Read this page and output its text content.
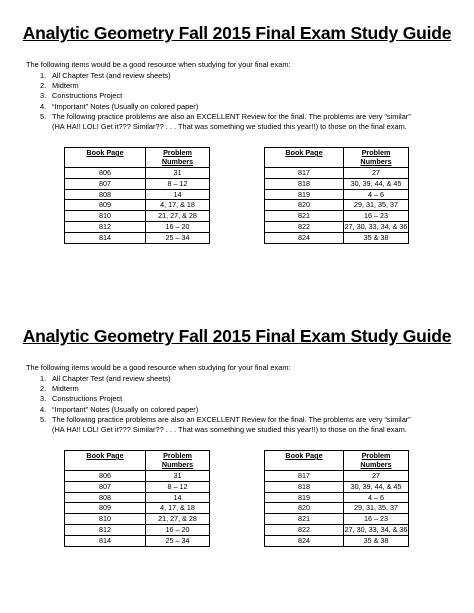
Analytic Geometry Fall 2015 Final Exam Study Guide

The following items would be a good resource when studying for your final exam:

1. All Chapter Test (and review sheets)
2. Midterm
3. Constructions Project
4. “Important” Notes (Usually on colored paper)
5. The following practice problems are also an EXCELLENT Review for the final. The problems are very “similar”
(HA HA!! LOL! Get it??? Similar?? . . . That was something we studied this year!!) to those on the final exam.
Book Page	Problem
Numbers
806	31
807	8 – 12
808	14
809	4, 17, & 18
810	21, 27, & 28
812	16 – 20
814	25 – 34
Book Page	Problem
Numbers
817	27
818	30, 39, 44, & 45
819	4 – 6
820	29, 31, 35, 37
821	16 – 23
822	27, 30, 33, 34, & 36
824	35 & 38
Analytic Geometry Fall 2015 Final Exam Study Guide

The following items would be a good resource when studying for your final exam:

1. All Chapter Test (and review sheets)
2. Midterm
3. Constructions Project
4. “Important” Notes (Usually on colored paper)
5. The following practice problems are also an EXCELLENT Review for the final. The problems are very “similar”
(HA HA!! LOL! Get it??? Similar?? . . . That was something we studied this year!!) to those on the final exam.
Book Page	Problem
Numbers
806	31
807	8 – 12
808	14
809	4, 17, & 18
810	21, 27, & 28
812	16 – 20
814	25 – 34
Book Page	Problem
Numbers
817	27
818	30, 39, 44, & 45
819	4 – 6
820	29, 31, 35, 37
821	16 – 23
822	27, 30, 33, 34, & 36
824	35 & 38
